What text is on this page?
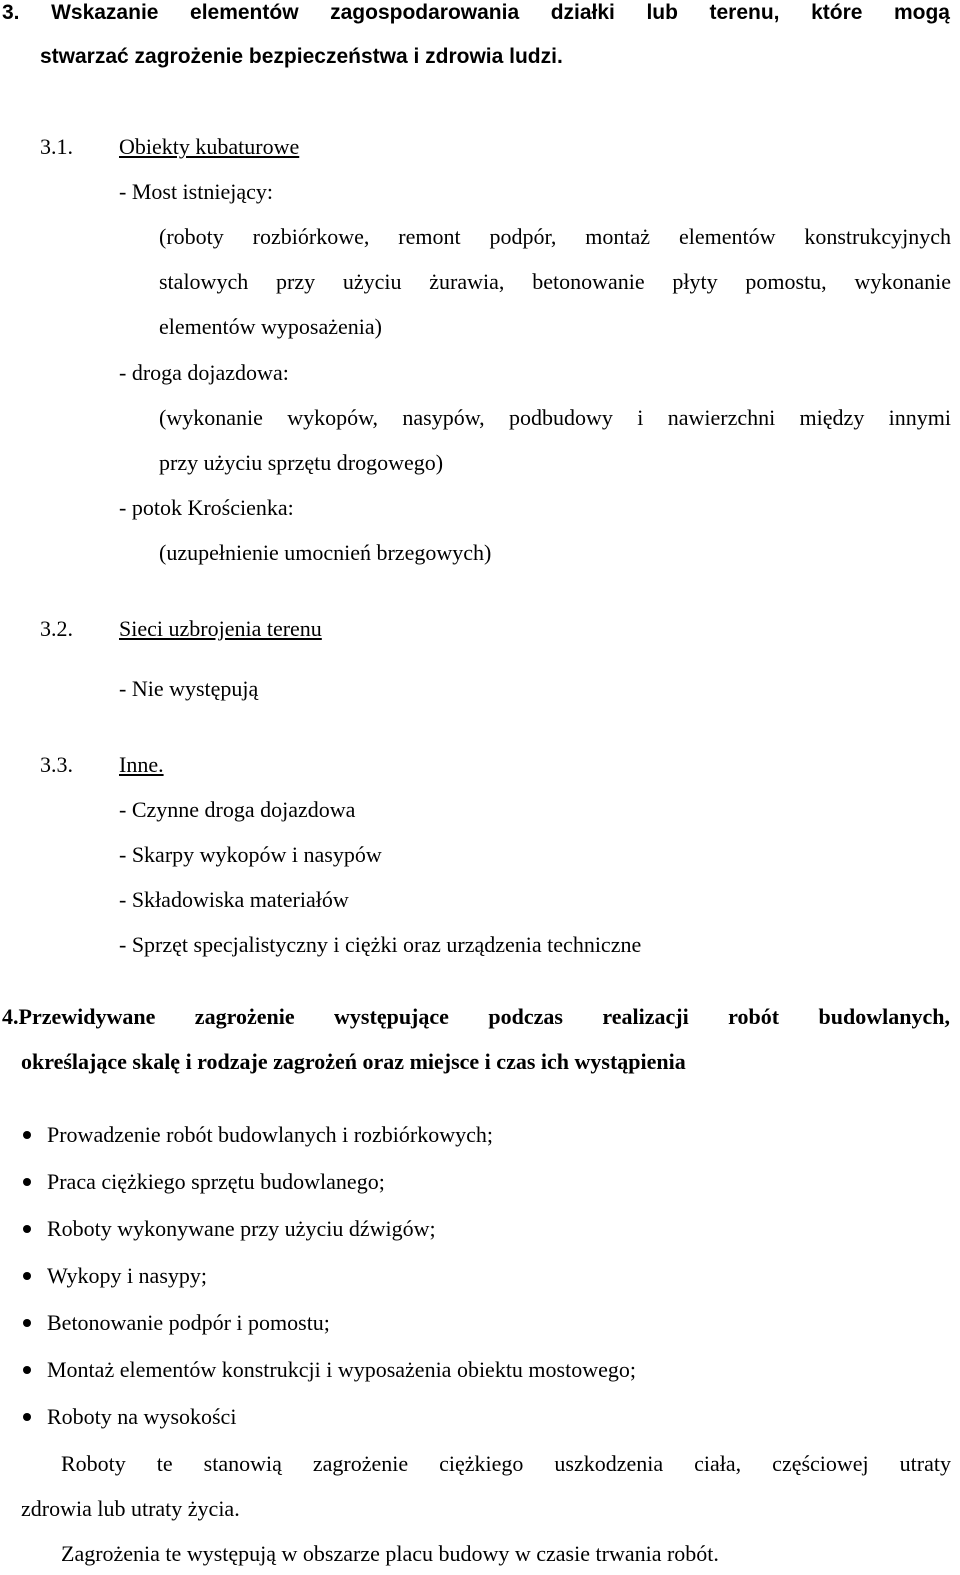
3. Wskazanie elementów zagospodarowania działki lub terenu, które mogą
stwarzać zagrożenie bezpieczeństwa i zdrowia ludzi.
3.1. Obiekty kubaturowe
- Most istniejący:
(roboty rozbiórkowe, remont podpór, montaż elementów konstrukcyjnych
stalowych przy użyciu żurawia, betonowanie płyty pomostu, wykonanie
elementów wyposażenia)
- droga dojazdowa:
(wykonanie wykopów, nasypów, podbudowy i nawierzchni między innymi
przy użyciu sprzętu drogowego)
- potok Krościenka:
(uzupełnienie umocnień brzegowych)
3.2. Sieci uzbrojenia terenu
- Nie występują
3.3. Inne.
- Czynne droga dojazdowa
- Skarpy wykopów i nasypów
- Składowiska materiałów
- Sprzęt specjalistyczny i ciężki oraz urządzenia techniczne
4.Przewidywane zagrożenie występujące podczas realizacji robót budowlanych,
określające skalę i rodzaje zagrożeń oraz miejsce i czas ich wystąpienia
Prowadzenie robót budowlanych i rozbiórkowych;
Praca ciężkiego sprzętu budowlanego;
Roboty wykonywane przy użyciu dźwigów;
Wykopy i nasypy;
Betonowanie podpór i pomostu;
Montaż elementów konstrukcji i wyposażenia obiektu mostowego;
Roboty na wysokości
Roboty te stanowią zagrożenie ciężkiego uszkodzenia ciała, częściowej utraty
zdrowia lub utraty życia.
Zagrożenia te występują w obszarze placu budowy w czasie trwania robót.
